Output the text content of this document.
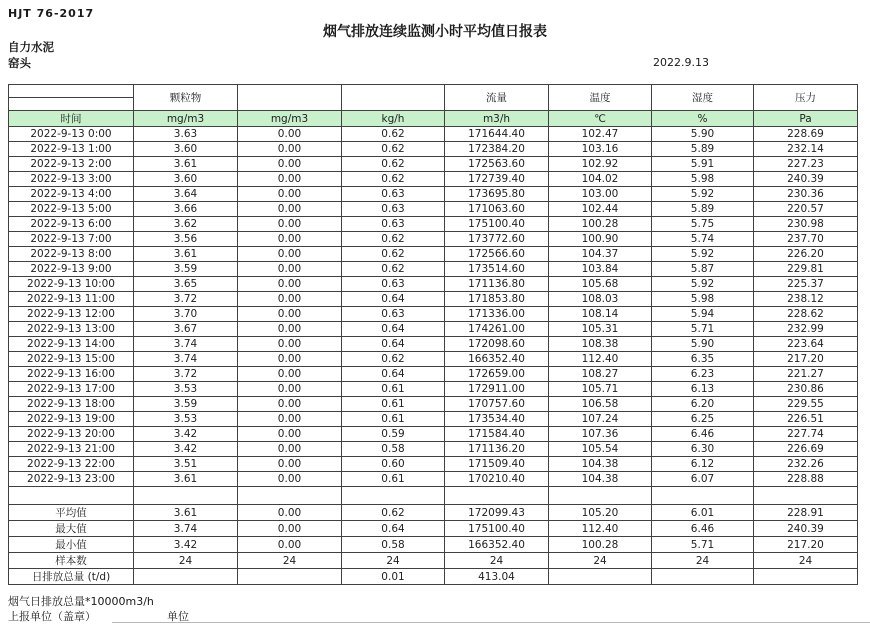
HJT 76-2017
烟气排放连续监测小时平均值日报表
自力水泥
窑头	2022.9.13
	颗粒物			流量	温度	湿度	压力

时间	mg/m3	mg/m3	kg/h	m3/h	℃	%	Pa
2022-9-13 0:00	3.63	0.00	0.62	171644.40	102.47	5.90	228.69
2022-9-13 1:00	3.60	0.00	0.62	172384.20	103.16	5.89	232.14
2022-9-13 2:00	3.61	0.00	0.62	172563.60	102.92	5.91	227.23
2022-9-13 3:00	3.60	0.00	0.62	172739.40	104.02	5.98	240.39
2022-9-13 4:00	3.64	0.00	0.63	173695.80	103.00	5.92	230.36
2022-9-13 5:00	3.66	0.00	0.63	171063.60	102.44	5.89	220.57
2022-9-13 6:00	3.62	0.00	0.63	175100.40	100.28	5.75	230.98
2022-9-13 7:00	3.56	0.00	0.62	173772.60	100.90	5.74	237.70
2022-9-13 8:00	3.61	0.00	0.62	172566.60	104.37	5.92	226.20
2022-9-13 9:00	3.59	0.00	0.62	173514.60	103.84	5.87	229.81
2022-9-13 10:00	3.65	0.00	0.63	171136.80	105.68	5.92	225.37
2022-9-13 11:00	3.72	0.00	0.64	171853.80	108.03	5.98	238.12
2022-9-13 12:00	3.70	0.00	0.63	171336.00	108.14	5.94	228.62
2022-9-13 13:00	3.67	0.00	0.64	174261.00	105.31	5.71	232.99
2022-9-13 14:00	3.74	0.00	0.64	172098.60	108.38	5.90	223.64
2022-9-13 15:00	3.74	0.00	0.62	166352.40	112.40	6.35	217.20
2022-9-13 16:00	3.72	0.00	0.64	172659.00	108.27	6.23	221.27
2022-9-13 17:00	3.53	0.00	0.61	172911.00	105.71	6.13	230.86
2022-9-13 18:00	3.59	0.00	0.61	170757.60	106.58	6.20	229.55
2022-9-13 19:00	3.53	0.00	0.61	173534.40	107.24	6.25	226.51
2022-9-13 20:00	3.42	0.00	0.59	171584.40	107.36	6.46	227.74
2022-9-13 21:00	3.42	0.00	0.58	171136.20	105.54	6.30	226.69
2022-9-13 22:00	3.51	0.00	0.60	171509.40	104.38	6.12	232.26
2022-9-13 23:00	3.61	0.00	0.61	170210.40	104.38	6.07	228.88

平均值	3.61	0.00	0.62	172099.43	105.20	6.01	228.91
最大值	3.74	0.00	0.64	175100.40	112.40	6.46	240.39
最小值	3.42	0.00	0.58	166352.40	100.28	5.71	217.20
样本数	24	24	24	24	24	24	24
日排放总量 (t/d)			0.01	413.04			
烟气日排放总量*10000m3/h
上报单位（盖章）	单位
